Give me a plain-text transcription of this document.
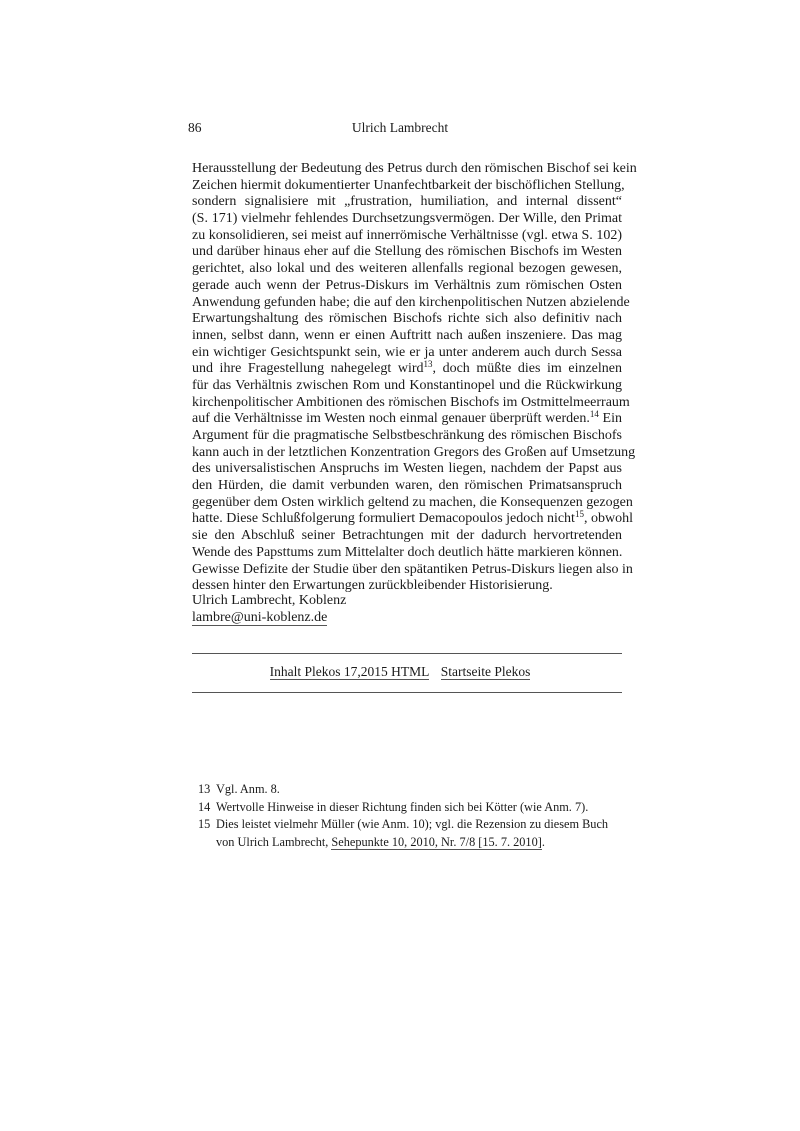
86	Ulrich Lambrecht
Herausstellung der Bedeutung des Petrus durch den römischen Bischof sei kein
Zeichen hiermit dokumentierter Unanfechtbarkeit der bischöflichen Stellung,
sondern signalisiere mit „frustration, humiliation, and internal dissent“
(S. 171) vielmehr fehlendes Durchsetzungsvermögen. Der Wille, den Primat
zu konsolidieren, sei meist auf innerrömische Verhältnisse (vgl. etwa S. 102)
und darüber hinaus eher auf die Stellung des römischen Bischofs im Westen
gerichtet, also lokal und des weiteren allenfalls regional bezogen gewesen,
gerade auch wenn der Petrus-Diskurs im Verhältnis zum römischen Osten
Anwendung gefunden habe; die auf den kirchenpolitischen Nutzen abzielende
Erwartungshaltung des römischen Bischofs richte sich also definitiv nach
innen, selbst dann, wenn er einen Auftritt nach außen inszeniere. Das mag
ein wichtiger Gesichtspunkt sein, wie er ja unter anderem auch durch Sessa
und ihre Fragestellung nahegelegt wird$^{13}$, doch müßte dies im einzelnen
für das Verhältnis zwischen Rom und Konstantinopel und die Rückwirkung
kirchenpolitischer Ambitionen des römischen Bischofs im Ostmittelmeerraum
auf die Verhältnisse im Westen noch einmal genauer überprüft werden.$^{14}$ Ein
Argument für die pragmatische Selbstbeschränkung des römischen Bischofs
kann auch in der letztlichen Konzentration Gregors des Großen auf Umsetzung
des universalistischen Anspruchs im Westen liegen, nachdem der Papst aus
den Hürden, die damit verbunden waren, den römischen Primatsanspruch
gegenüber dem Osten wirklich geltend zu machen, die Konsequenzen gezogen
hatte. Diese Schlußfolgerung formuliert Demacopoulos jedoch nicht$^{15}$, obwohl
sie den Abschluß seiner Betrachtungen mit der dadurch hervortretenden
Wende des Papsttums zum Mittelalter doch deutlich hätte markieren können.
Gewisse Defizite der Studie über den spätantiken Petrus-Diskurs liegen also in
dessen hinter den Erwartungen zurückbleibender Historisierung.
Ulrich Lambrecht, Koblenz
lambre@uni-koblenz.de
Inhalt Plekos 17,2015 HTML Startseite Plekos
13 Vgl. Anm. 8.
14 Wertvolle Hinweise in dieser Richtung finden sich bei Kötter (wie Anm. 7).
15 Dies leistet vielmehr Müller (wie Anm. 10); vgl. die Rezension zu diesem Buch
von Ulrich Lambrecht, Sehepunkte 10, 2010, Nr. 7/8 [15. 7. 2010].
